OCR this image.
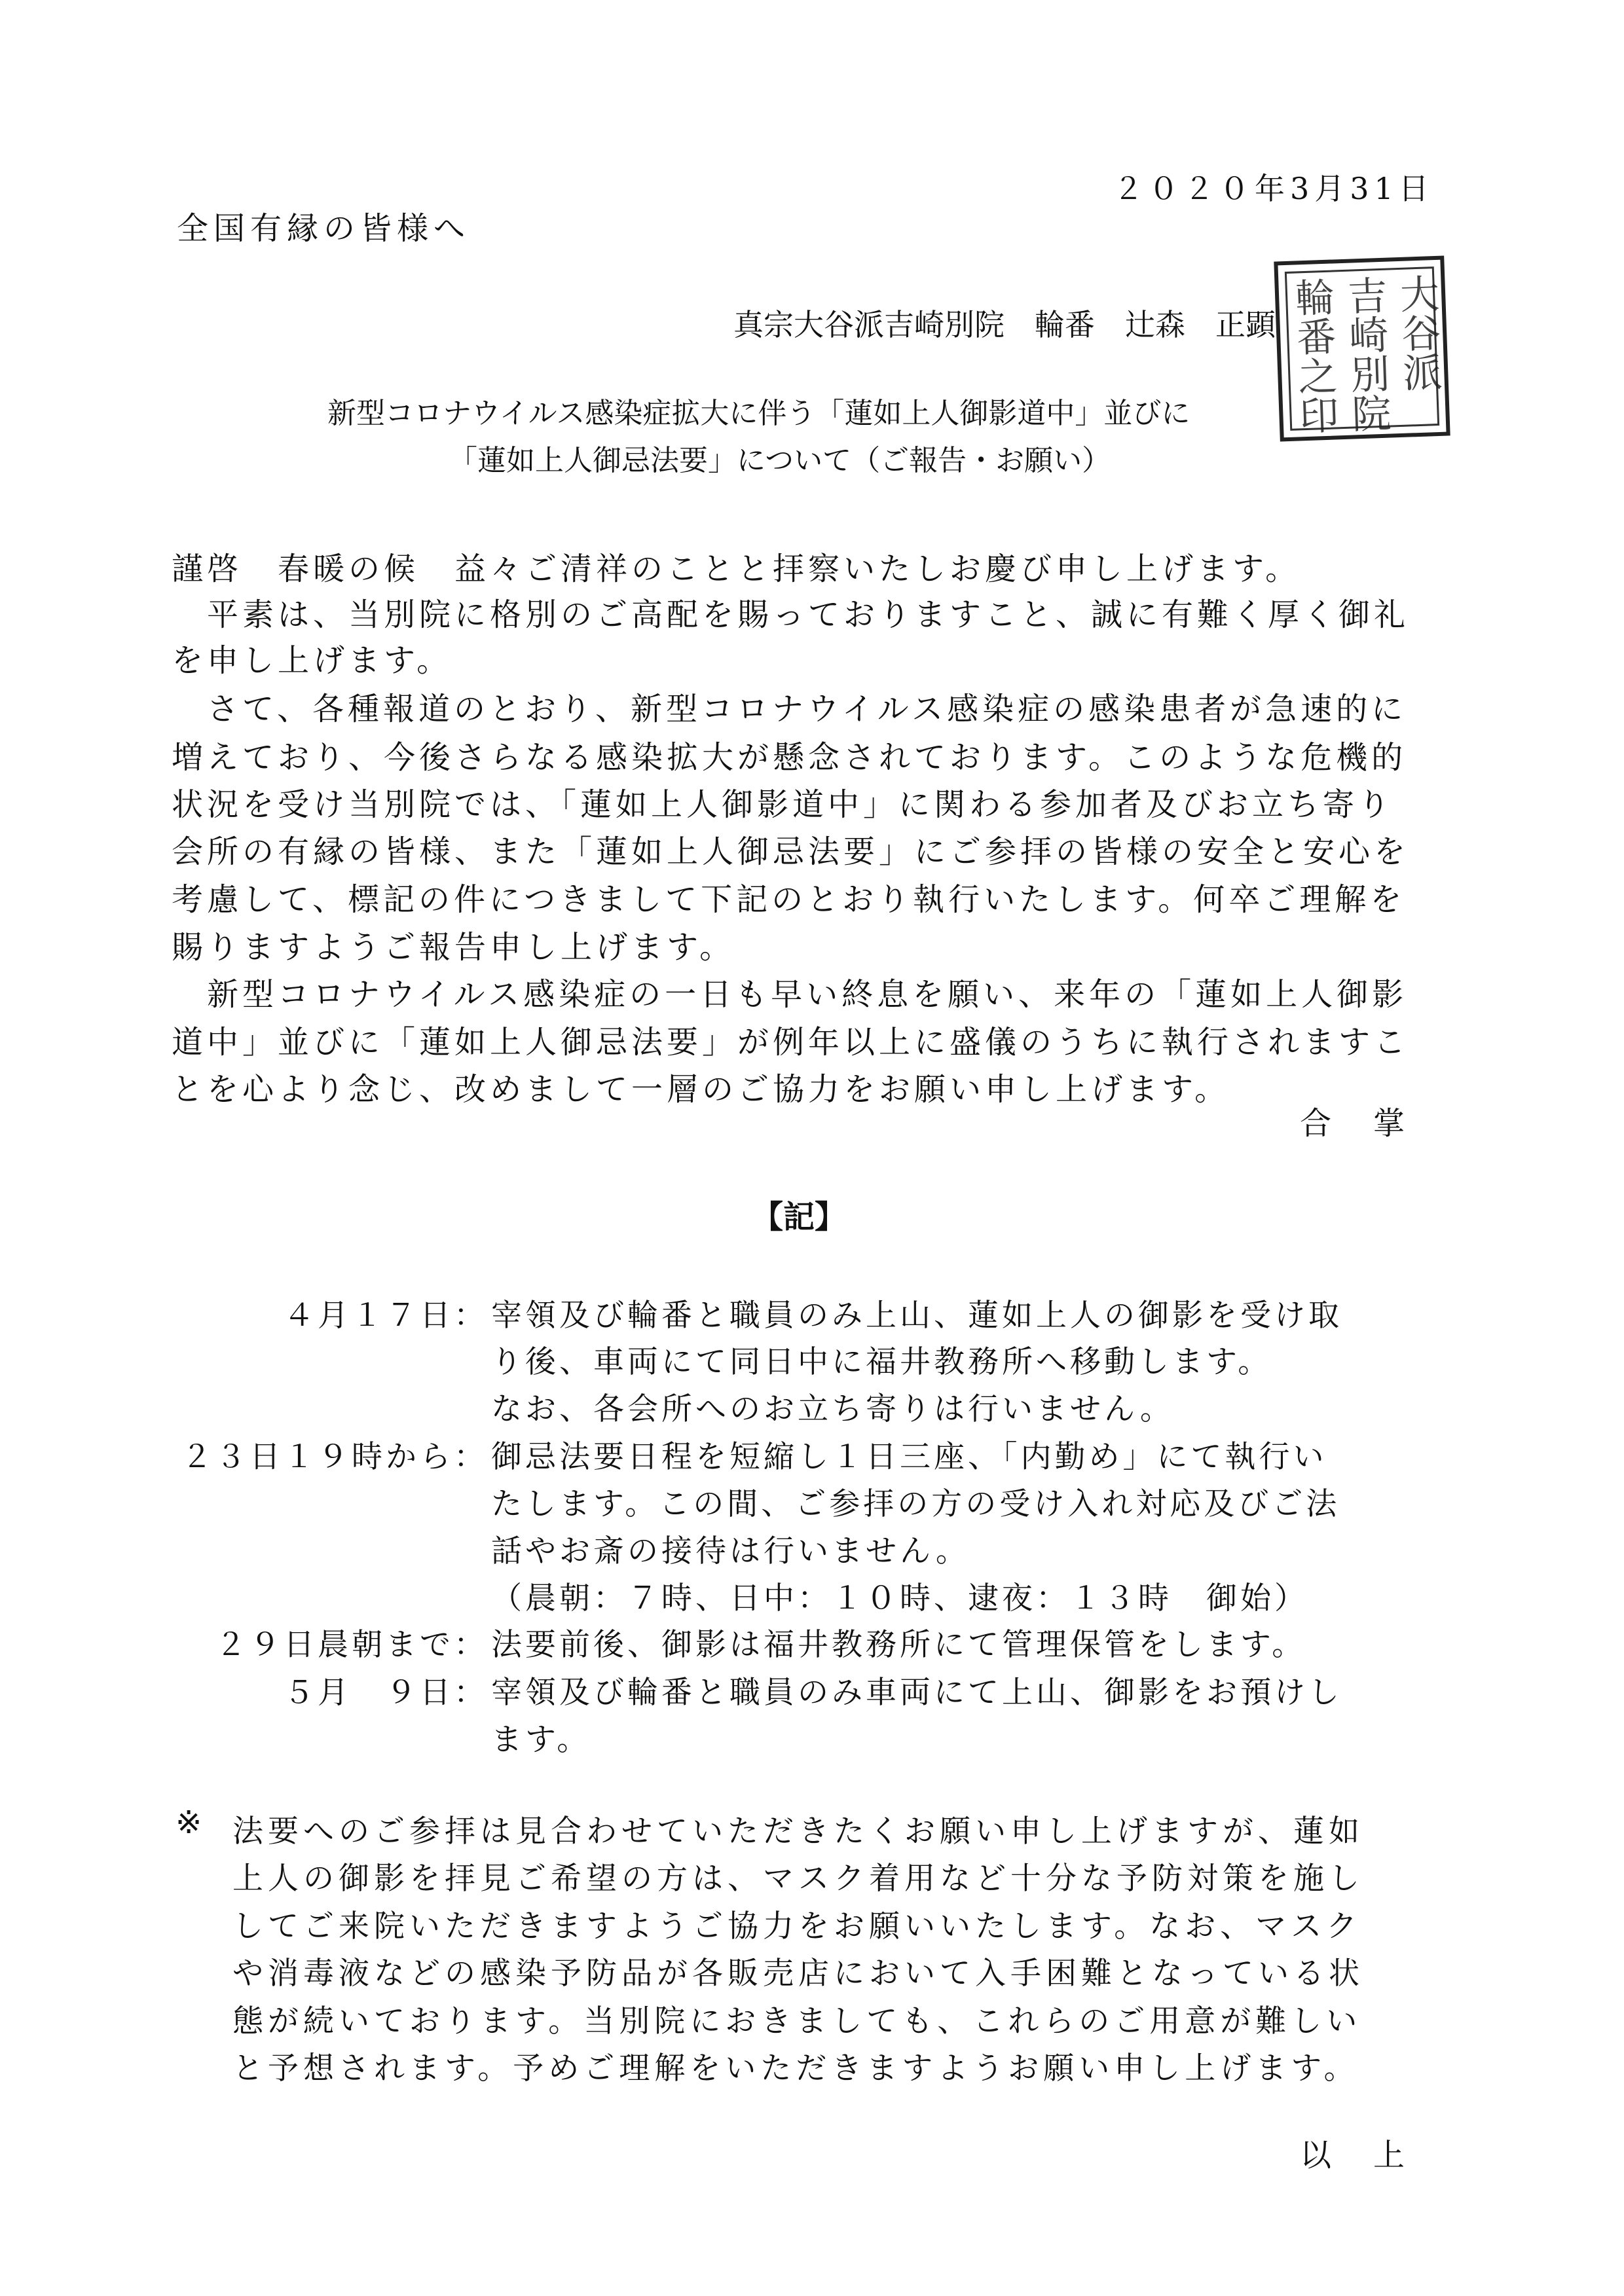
２０２０年3月31日
全国有縁の皆様へ
真宗大谷派吉崎別院　輪番　辻森　正顕	大谷派
吉崎別院
輪番之印
新型コロナウイルス感染症拡大に伴う「蓮如上人御影道中」並びに
「蓮如上人御忌法要」について（ご報告・お願い）
謹啓　春暖の候　益々ご清祥のことと拝察いたしお慶び申し上げます。
　平素は、当別院に格別のご高配を賜っておりますこと、誠に有難く厚く御礼
を申し上げます。
　さて、各種報道のとおり、新型コロナウイルス感染症の感染患者が急速的に
増えており、今後さらなる感染拡大が懸念されております。このような危機的
状況を受け当別院では、「蓮如上人御影道中」に関わる参加者及びお立ち寄り
会所の有縁の皆様、また「蓮如上人御忌法要」にご参拝の皆様の安全と安心を
考慮して、標記の件につきまして下記のとおり執行いたします。何卒ご理解を
賜りますようご報告申し上げます。
　新型コロナウイルス感染症の一日も早い終息を願い、来年の「蓮如上人御影
道中」並びに「蓮如上人御忌法要」が例年以上に盛儀のうちに執行されますこ
とを心より念じ、改めまして一層のご協力をお願い申し上げます。
合　掌
【記】
４月１７日： 宰領及び輪番と職員のみ上山、蓮如上人の御影を受け取
り後、車両にて同日中に福井教務所へ移動します。
なお、各会所へのお立ち寄りは行いません。
２３日１９時から： 御忌法要日程を短縮し１日三座、「内勤め」にて執行い
たします。この間、ご参拝の方の受け入れ対応及びご法
話やお斎の接待は行いません。
（晨朝：７時、日中：１０時、逮夜：１３時　御始）
２９日晨朝まで： 法要前後、御影は福井教務所にて管理保管をします。
５月　９日： 宰領及び輪番と職員のみ車両にて上山、御影をお預けし
ます。
※ 法要へのご参拝は見合わせていただきたくお願い申し上げますが、蓮如
上人の御影を拝見ご希望の方は、マスク着用など十分な予防対策を施し
してご来院いただきますようご協力をお願いいたします。なお、マスク
や消毒液などの感染予防品が各販売店において入手困難となっている状
態が続いております。当別院におきましても、これらのご用意が難しい
と予想されます。予めご理解をいただきますようお願い申し上げます。
以　上
